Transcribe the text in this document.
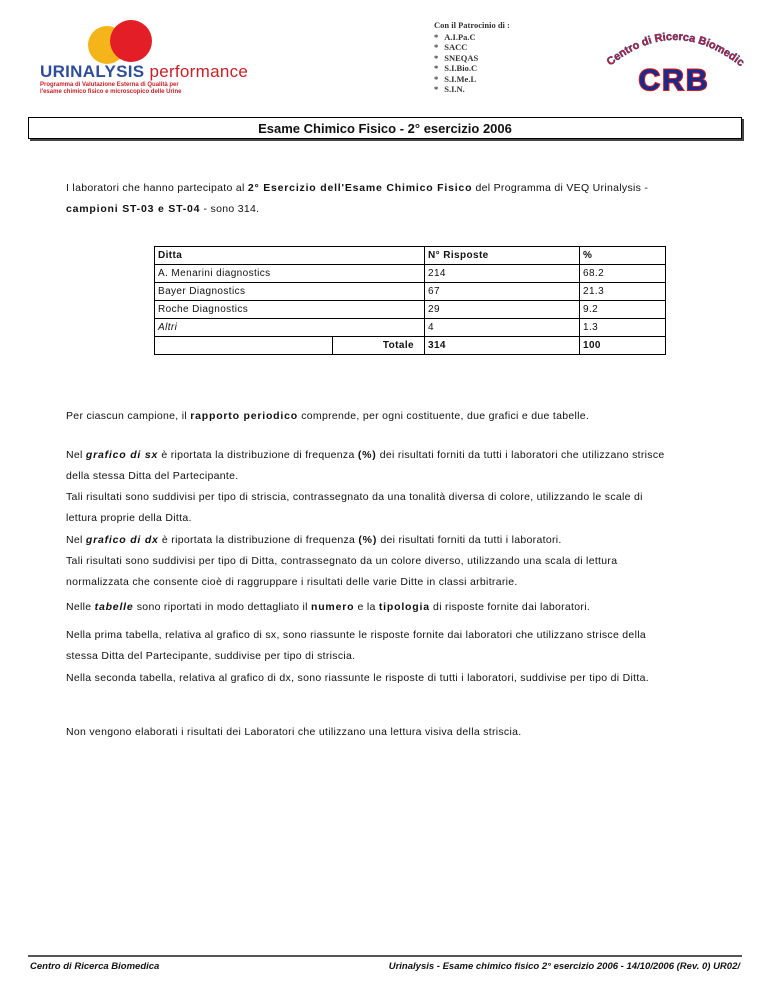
URINALYSIS performance
Programma di Valutazione Esterna di Qualità per
l'esame chimico fisico e microscopico delle Urine
Con il Patrocinio di :
* A.I.Pa.C
* SACC
* SNEQAS
* S.I.Bio.C
* S.I.Me.L
* S.I.N.
Centro di Ricerca Biomedi
CRB
Esame Chimico Fisico - 2° esercizio 2006
I laboratori che hanno partecipato al 2° Esercizio dell'Esame Chimico Fisico del Programma di VEQ Urinalysis -
campioni ST-03 e ST-04 - sono 314.
Ditta		N° Risposte	%
A. Menarini diagnostics		214	68.2
Bayer Diagnostics		67	21.3
Roche Diagnostics		29	9.2
Altri		4	1.3
	Totale	314	100
Per ciascun campione, il rapporto periodico comprende, per ogni costituente, due grafici e due tabelle.
Nel grafico di sx è riportata la distribuzione di frequenza (%) dei risultati forniti da tutti i laboratori che utilizzano strisce
della stessa Ditta del Partecipante.
Tali risultati sono suddivisi per tipo di striscia, contrassegnato da una tonalità diversa di colore, utilizzando le scale di
lettura proprie della Ditta.
Nel grafico di dx è riportata la distribuzione di frequenza (%) dei risultati forniti da tutti i laboratori.
Tali risultati sono suddivisi per tipo di Ditta, contrassegnato da un colore diverso, utilizzando una scala di lettura
normalizzata che consente cioè di raggruppare i risultati delle varie Ditte in classi arbitrarie.
Nelle tabelle sono riportati in modo dettagliato il numero e la tipologia di risposte fornite dai laboratori.
Nella prima tabella, relativa al grafico di sx, sono riassunte le risposte fornite dai laboratori che utilizzano strisce della
stessa Ditta del Partecipante, suddivise per tipo di striscia.
Nella seconda tabella, relativa al grafico di dx, sono riassunte le risposte di tutti i laboratori, suddivise per tipo di Ditta.
Non vengono elaborati i risultati dei Laboratori che utilizzano una lettura visiva della striscia.
Centro di Ricerca Biomedica	Urinalysis - Esame chimico fisico 2° esercizio 2006 - 14/10/2006 (Rev. 0) UR02/
